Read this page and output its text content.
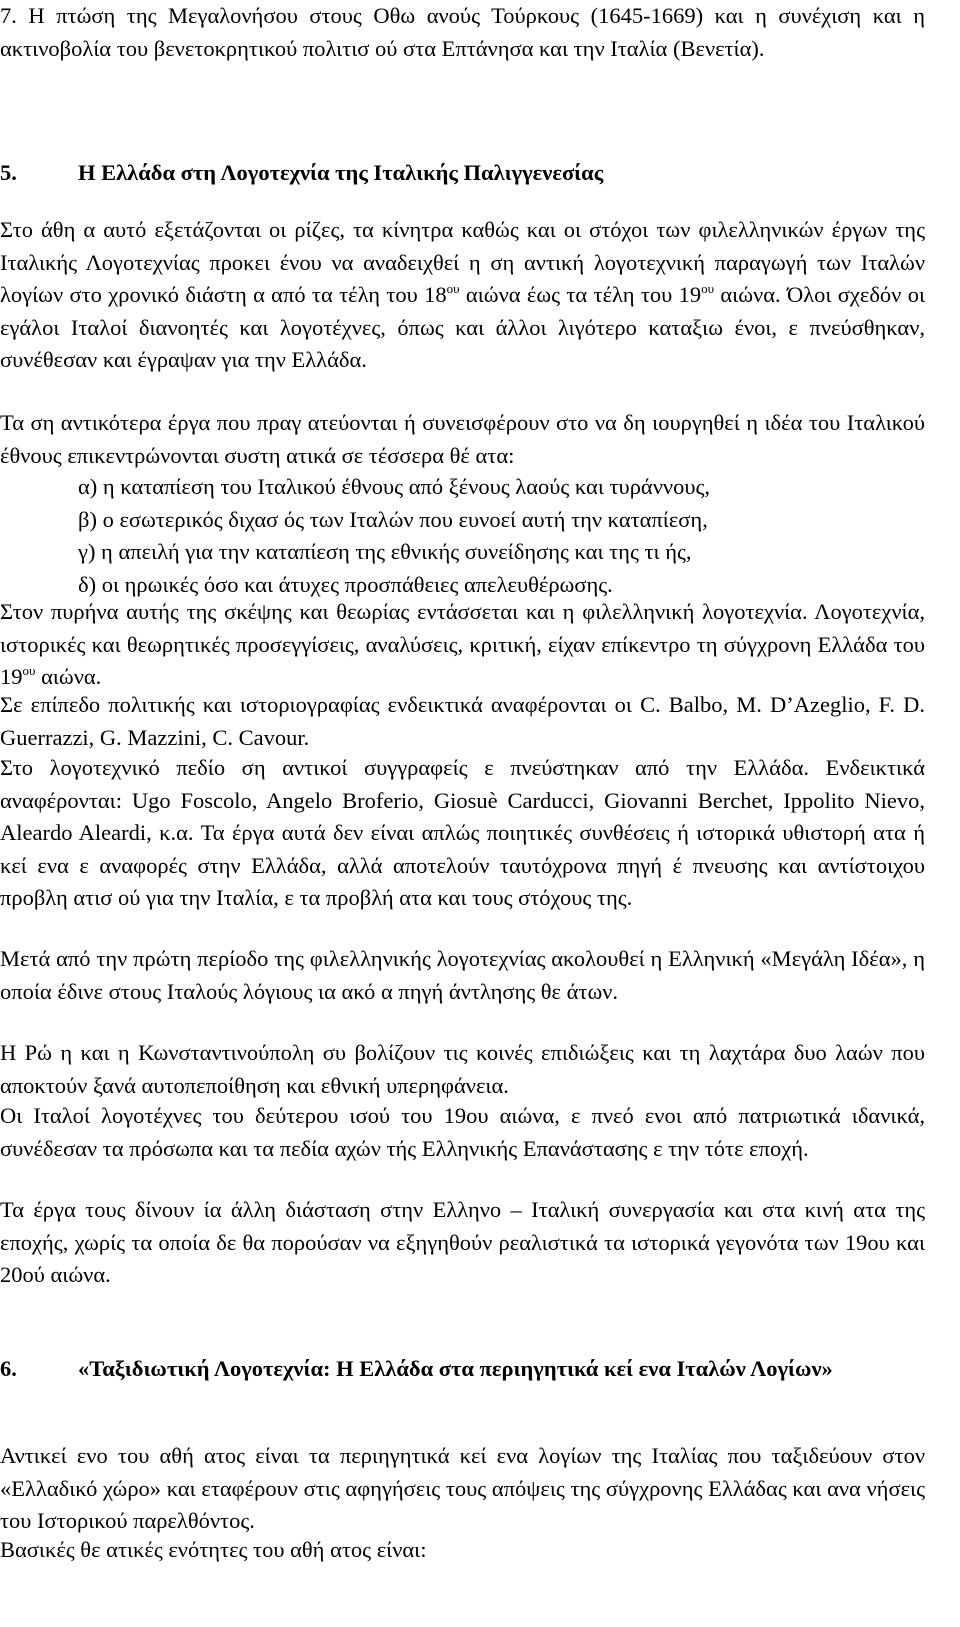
7. Η πτώση της Μεγαλονήσου στους Οθω ανούς Τούρκους (1645-1669) και η συνέχιση και η ακτινοβολία του βενετοκρητικού πολιτισ ού στα Επτάνησα και την Ιταλία (Βενετία).
5.	Η Ελλάδα στη Λογοτεχνία της Ιταλικής Παλιγγενεσίας
Στο άθη α αυτό εξετάζονται οι ρίζες, τα κίνητρα καθώς και οι στόχοι των φιλελληνικών έργων της Ιταλικής Λογοτεχνίας προκει ένου να αναδειχθεί η ση αντική λογοτεχνική παραγωγή των Ιταλών λογίων στο χρονικό διάστη α από τα τέλη του $18^{o\upsilon}$ αιώνα έως τα τέλη του $19^{o\upsilon}$ αιώνα. Όλοι σχεδόν οι εγάλοι Ιταλοί διανοητές και λογοτέχνες, όπως και άλλοι λιγότερο καταξιω ένοι, ε πνεύσθηκαν, συνέθεσαν και έγραψαν για την Ελλάδα.
Τα ση αντικότερα έργα που πραγ ατεύονται ή συνεισφέρουν στο να δη ιουργηθεί η ιδέα του Ιταλικού έθνους επικεντρώνονται συστη ατικά σε τέσσερα θέ ατα:
α) η καταπίεση του Ιταλικού έθνους από ξένους λαούς και τυράννους,
β) ο εσωτερικός διχασ ός των Ιταλών που ευνοεί αυτή την καταπίεση,
γ) η απειλή για την καταπίεση της εθνικής συνείδησης και της τι ής,
δ) οι ηρωικές όσο και άτυχες προσπάθειες απελευθέρωσης.
Στον πυρήνα αυτής της σκέψης και θεωρίας εντάσσεται και η φιλελληνική λογοτεχνία. Λογοτεχνία, ιστορικές και θεωρητικές προσεγγίσεις, αναλύσεις, κριτική, είχαν επίκεντρο τη σύγχρονη Ελλάδα του $19^{o\upsilon}$ αιώνα.
Σε επίπεδο πολιτικής και ιστοριογραφίας ενδεικτικά αναφέρονται οι C. Balbo, M. D’Azeglio, F. D. Guerrazzi, G. Mazzini, C. Cavour.
Στο λογοτεχνικό πεδίο ση αντικοί συγγραφείς ε πνεύστηκαν από την Ελλάδα. Ενδεικτικά αναφέρονται: Ugo Foscolo, Angelo Broferio, Giosuè Carducci, Giovanni Berchet, Ippolito Nievo, Aleardo Aleardi, κ.α. Τα έργα αυτά δεν είναι απλώς ποιητικές συνθέσεις ή ιστορικά υθιστορή ατα ή κεί ενα ε αναφορές στην Ελλάδα, αλλά αποτελούν ταυτόχρονα πηγή έ πνευσης και αντίστοιχου προβλη ατισ ού για την Ιταλία, ε τα προβλή ατα και τους στόχους της.
Μετά από την πρώτη περίοδο της φιλελληνικής λογοτεχνίας ακολουθεί η Ελληνική «Μεγάλη Ιδέα», η οποία έδινε στους Ιταλούς λόγιους ια ακό α πηγή άντλησης θε άτων.
Η Ρώ η και η Κωνσταντινούπολη συ βολίζουν τις κοινές επιδιώξεις και τη λαχτάρα δυο λαών που αποκτούν ξανά αυτοπεποίθηση και εθνική υπερηφάνεια.
Οι Ιταλοί λογοτέχνες του δεύτερου ισού του 19ου αιώνα, ε πνεό ενοι από πατριωτικά ιδανικά, συνέδεσαν τα πρόσωπα και τα πεδία αχών τής Ελληνικής Επανάστασης ε την τότε εποχή.
Τα έργα τους δίνουν ία άλλη διάσταση στην Ελληνο – Ιταλική συνεργασία και στα κινή ατα της εποχής, χωρίς τα οποία δε θα πορούσαν να εξηγηθούν ρεαλιστικά τα ιστορικά γεγονότα των 19ου και 20ού αιώνα.
6.	«Ταξιδιωτική Λογοτεχνία: Η Ελλάδα στα περιηγητικά κεί ενα Ιταλών Λογίων»
Αντικεί ενο του αθή ατος είναι τα περιηγητικά κεί ενα λογίων της Ιταλίας που ταξιδεύουν στον «Ελλαδικό χώρο» και εταφέρουν στις αφηγήσεις τους απόψεις της σύγχρονης Ελλάδας και ανα νήσεις του Ιστορικού παρελθόντος.
Βασικές θε ατικές ενότητες του αθή ατος είναι:
